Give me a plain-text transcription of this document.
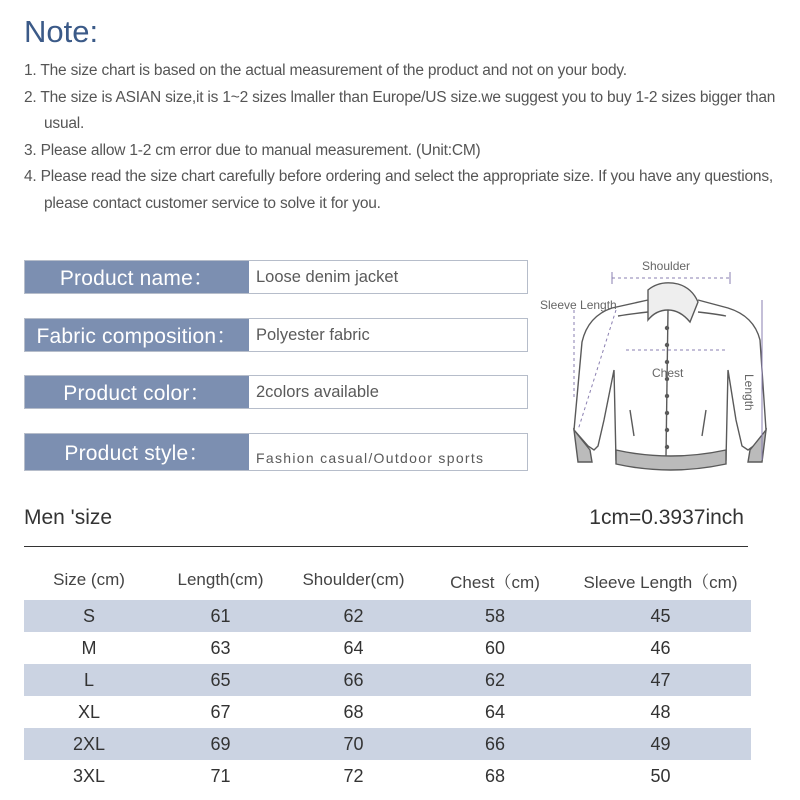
Note:
1. The size chart is based on the actual measurement of the product and not on your body.
2. The size is ASIAN size,it is 1~2 sizes lmaller than Europe/US size.we suggest you to buy 1-2 sizes bigger than usual.
3. Please allow 1-2 cm error due to manual measurement. (Unit:CM)
4. Please read the size chart carefully before ordering and select the appropriate size. If you have any questions, please contact customer service to solve it for you.
Product name：	Loose denim jacket
Fabric composition：	Polyester fabric
Product color：	2colors available
Product style：	Fashion casual/Outdoor sports
Shoulder
Sleeve Length
Chest
Length
Men 'size	1cm=0.3937inch
Size (cm)	Length(cm)	Shoulder(cm)	Chest（cm)	Sleeve Length（cm)
S	61	62	58	45
M	63	64	60	46
L	65	66	62	47
XL	67	68	64	48
2XL	69	70	66	49
3XL	71	72	68	50
